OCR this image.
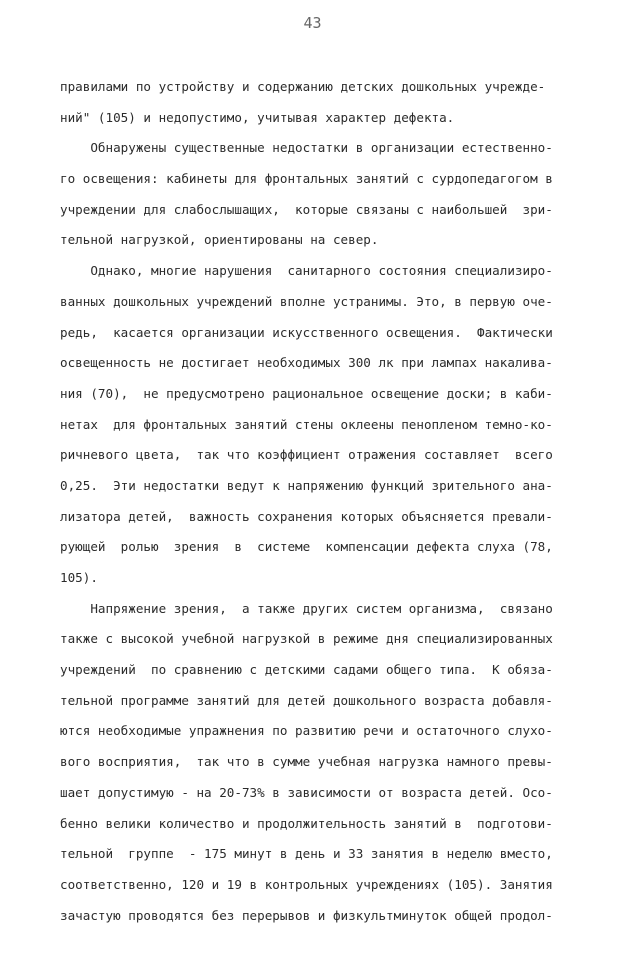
43
правилами по устройству и содержанию детских дошкольных учрежде-
ний" (105) и недопустимо, учитывая характер дефекта.
Обнаружены существенные недостатки в организации естественно-
го освещения: кабинеты для фронтальных занятий с сурдопедагогом в
учреждении для слабослышащих,  которые связаны с наибольшей  зри-
тельной нагрузкой, ориентированы на север.
Однако, многие нарушения  санитарного состояния специализиро-
ванных дошкольных учреждений вполне устранимы. Это, в первую оче-
редь,  касается организации искусственного освещения.  Фактически
освещенность не достигает необходимых 300 лк при лампах накалива-
ния (70),  не предусмотрено рациональное освещение доски; в каби-
нетах  для фронтальных занятий стены оклеены пенопленом темно-ко-
ричневого цвета,  так что коэффициент отражения составляет  всего
0,25.  Эти недостатки ведут к напряжению функций зрительного ана-
лизатора детей,  важность сохранения которых объясняется превали-
рующей  ролью  зрения  в  системе  компенсации дефекта слуха (78,
105).
Напряжение зрения,  а также других систем организма,  связано
также с высокой учебной нагрузкой в режиме дня специализированных
учреждений  по сравнению с детскими садами общего типа.  К обяза-
тельной программе занятий для детей дошкольного возраста добавля-
ются необходимые упражнения по развитию речи и остаточного слухо-
вого восприятия,  так что в сумме учебная нагрузка намного превы-
шает допустимую - на 20-73% в зависимости от возраста детей. Осо-
бенно велики количество и продолжительность занятий в  подготови-
тельной  группе  - 175 минут в день и 33 занятия в неделю вместо,
соответственно, 120 и 19 в контрольных учреждениях (105). Занятия
зачастую проводятся без перерывов и физкультминуток общей продол-
